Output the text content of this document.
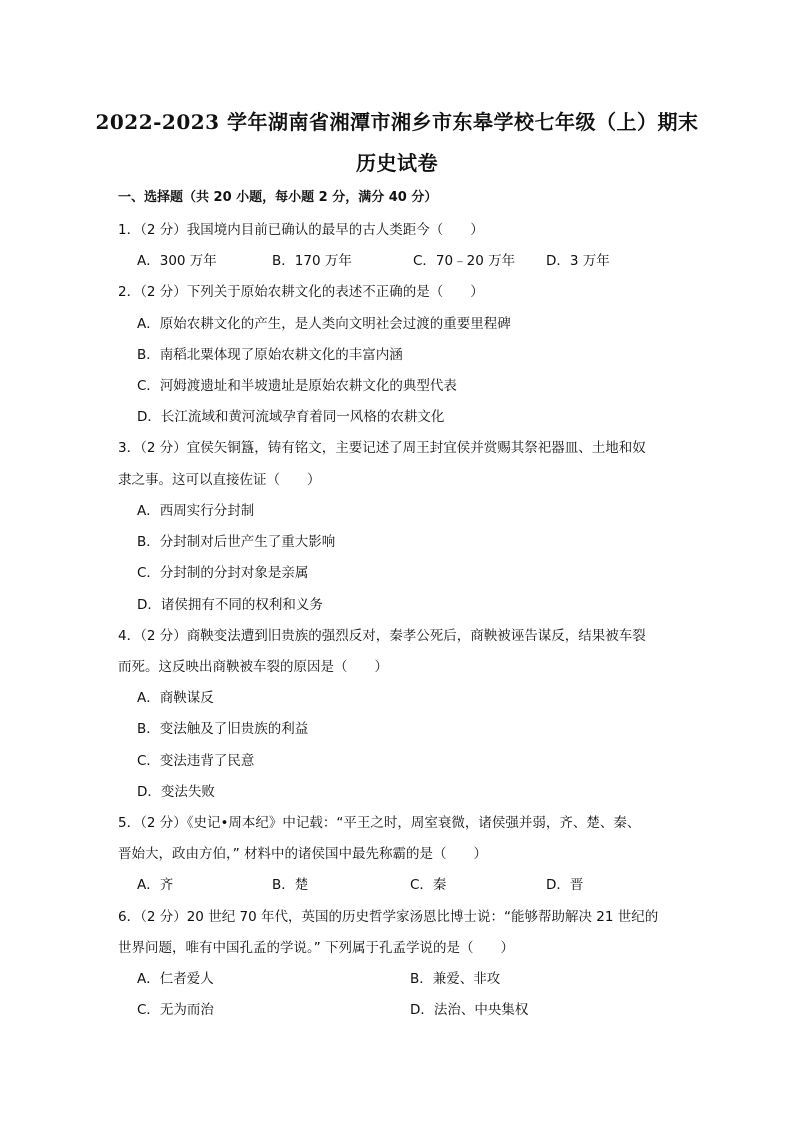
2022-2023 学年湖南省湘潭市湘乡市东皋学校七年级（上）期末
历史试卷
一、选择题（共 20 小题，每小题 2 分，满分 40 分）
1．（2 分）我国境内目前已确认的最早的古人类距今（　　）
A．300 万年	B．170 万年	C．70﹣20 万年 D．3 万年
2．（2 分）下列关于原始农耕文化的表述不正确的是（　　）
A．原始农耕文化的产生，是人类向文明社会过渡的重要里程碑
B．南稻北粟体现了原始农耕文化的丰富内涵
C．河姆渡遗址和半坡遗址是原始农耕文化的典型代表
D．长江流域和黄河流域孕育着同一风格的农耕文化
3．（2 分）宜侯矢铜簋，铸有铭文，主要记述了周王封宜侯并赏赐其祭祀器皿、土地和奴
隶之事。这可以直接佐证（　　）
A．西周实行分封制
B．分封制对后世产生了重大影响
C．分封制的分封对象是亲属
D．诸侯拥有不同的权利和义务
4．（2 分）商鞅变法遭到旧贵族的强烈反对，秦孝公死后，商鞅被诬告谋反，结果被车裂
而死。这反映出商鞅被车裂的原因是（　　）
A．商鞅谋反
B．变法触及了旧贵族的利益
C．变法违背了民意
D．变法失败
5．（2 分）《史记•周本纪》中记载：“平王之时，周室衰微，诸侯强并弱，齐、楚、秦、
晋始大，政由方伯，” 材料中的诸侯国中最先称霸的是（　　）
A．齐	B．楚	C．秦	D．晋
6．（2 分）20 世纪 70 年代，英国的历史哲学家汤恩比博士说：“能够帮助解决 21 世纪的
世界问题，唯有中国孔孟的学说。” 下列属于孔孟学说的是（　　）
A．仁者爱人	B．兼爱、非攻
C．无为而治	D．法治、中央集权
